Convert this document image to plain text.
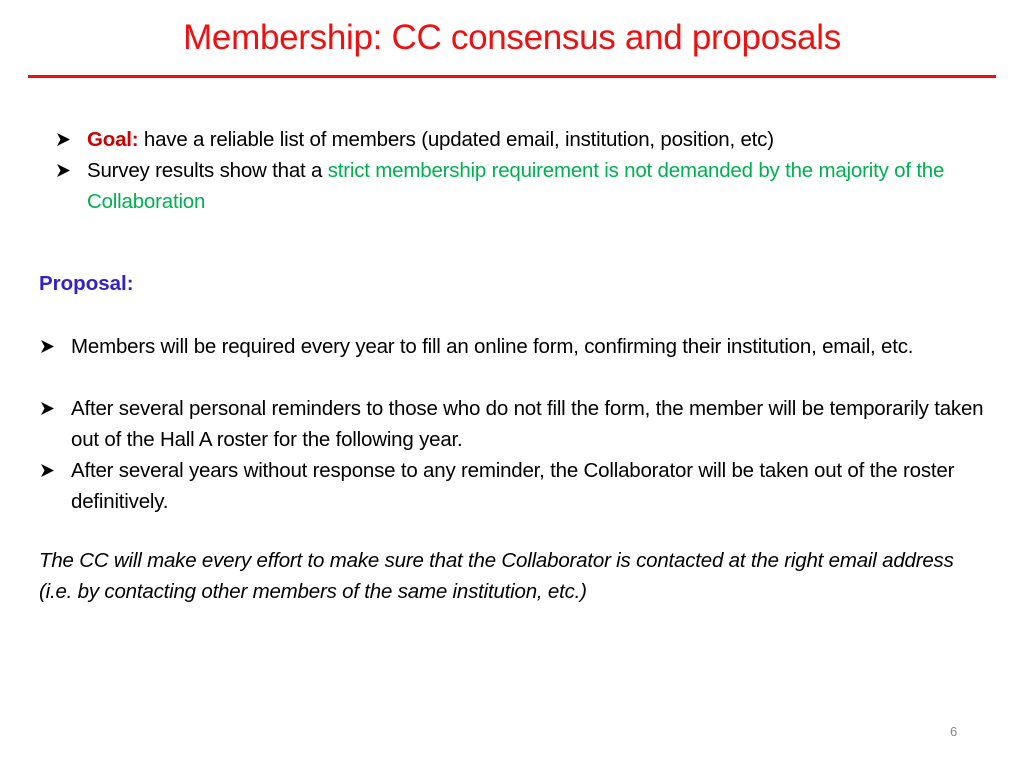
Membership: CC consensus and proposals
Goal: have a reliable list of members (updated email, institution, position, etc)
Survey results show that a strict membership requirement is not demanded by the majority of the Collaboration
Proposal:
Members will be required every year to fill an online form, confirming their institution, email, etc.
After several personal reminders to those who do not fill the form, the member will be temporarily taken out of the Hall A roster for the following year.
After several years without response to any reminder, the Collaborator will be taken out of the roster definitively.
The CC will make every effort to make sure that the Collaborator is contacted at the right email address (i.e. by contacting other members of the same institution, etc.)
6
